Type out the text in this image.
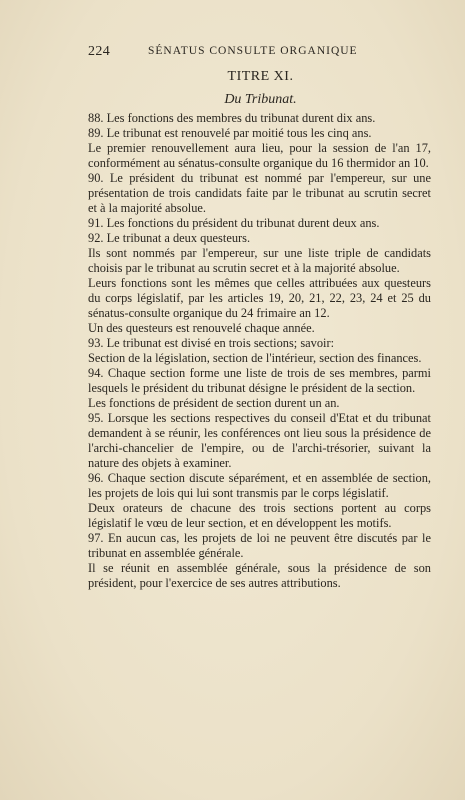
224	SÉNATUS CONSULTE ORGANIQUE
TITRE XI.
Du Tribunat.

88. Les fonctions des membres du tribunat durent dix ans.

89. Le tribunat est renouvelé par moitié tous les cinq ans.

Le premier renouvellement aura lieu, pour la session de l'an 17, conformément au sénatus-consulte organique du 16 thermidor an 10.

90. Le président du tribunat est nommé par l'empereur, sur une présentation de trois candidats faite par le tribunat au scrutin secret et à la majorité absolue.

91. Les fonctions du président du tribunat durent deux ans.

92. Le tribunat a deux questeurs.

Ils sont nommés par l'empereur, sur une liste triple de candidats choisis par le tribunat au scrutin secret et à la majorité absolue.

Leurs fonctions sont les mêmes que celles attribuées aux questeurs du corps législatif, par les articles 19, 20, 21, 22, 23, 24 et 25 du sénatus-consulte organique du 24 frimaire an 12.

Un des questeurs est renouvelé chaque année.

93. Le tribunat est divisé en trois sections; savoir:

Section de la législation, section de l'intérieur, section des finances.

94. Chaque section forme une liste de trois de ses membres, parmi lesquels le président du tribunat désigne le président de la section.

Les fonctions de président de section durent un an.

95. Lorsque les sections respectives du conseil d'Etat et du tribunat demandent à se réunir, les conférences ont lieu sous la présidence de l'archi-chancelier de l'empire, ou de l'archi-trésorier, suivant la nature des objets à examiner.

96. Chaque section discute séparément, et en assemblée de section, les projets de lois qui lui sont transmis par le corps législatif.

Deux orateurs de chacune des trois sections portent au corps législatif le vœu de leur section, et en développent les motifs.

97. En aucun cas, les projets de loi ne peuvent être discutés par le tribunat en assemblée générale.

Il se réunit en assemblée générale, sous la présidence de son président, pour l'exercice de ses autres attributions.
